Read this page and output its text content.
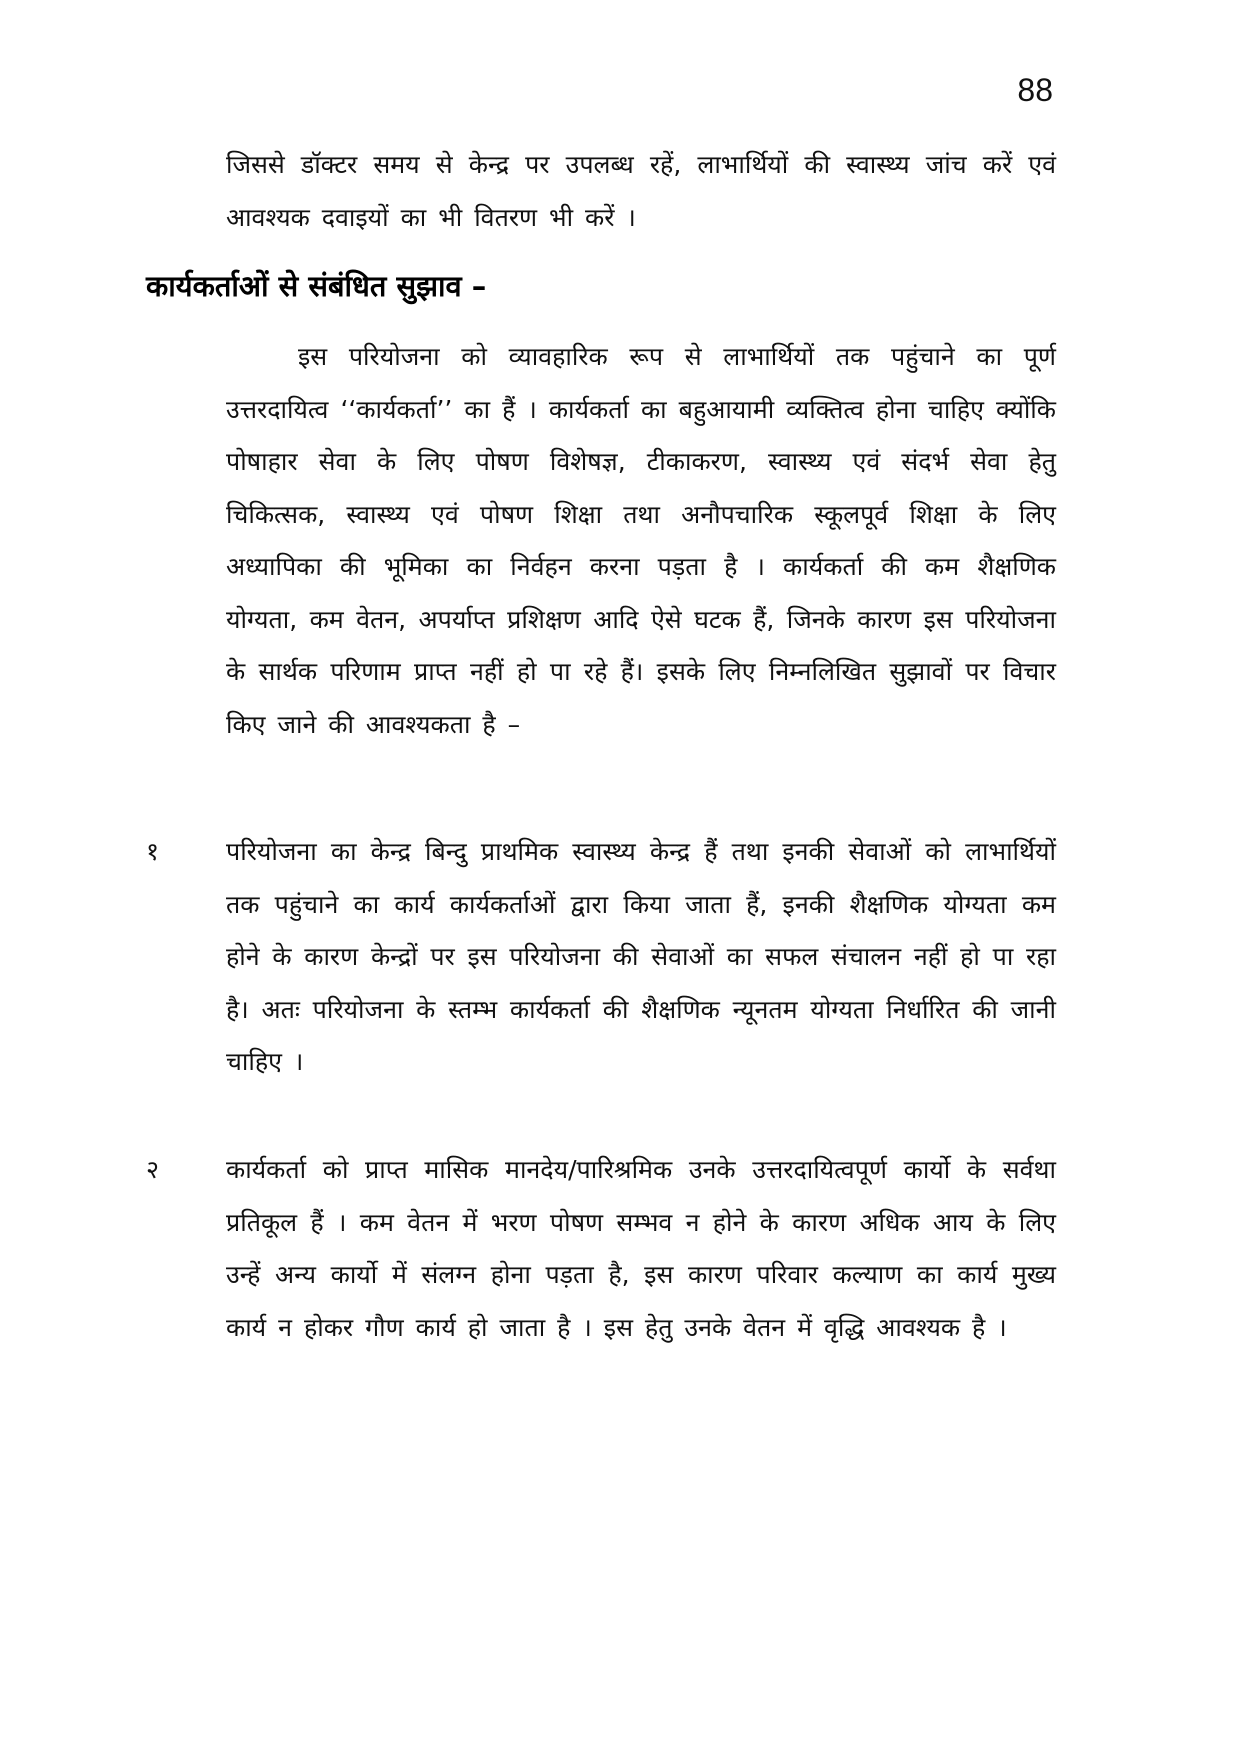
88

जिससे डॉक्टर समय से केन्द्र पर उपलब्ध रहें, लाभार्थियों की स्वास्थ्य जांच करें एवं आवश्यक दवाइयों का भी वितरण भी करें ।

कार्यकर्ताओं से संबंधित सुझाव –

इस परियोजना को व्यावहारिक रूप से लाभार्थियों तक पहुंचाने का पूर्ण उत्तरदायित्व ‘‘कार्यकर्ता’’ का हैं । कार्यकर्ता का बहुआयामी व्यक्तित्व होना चाहिए क्योंकि पोषाहार सेवा के लिए पोषण विशेषज्ञ, टीकाकरण, स्वास्थ्य एवं संदर्भ सेवा हेतु चिकित्सक, स्वास्थ्य एवं पोषण शिक्षा तथा अनौपचारिक स्कूलपूर्व शिक्षा के लिए अध्यापिका की भूमिका का निर्वहन करना पड़ता है । कार्यकर्ता की कम शैक्षणिक योग्यता, कम वेतन, अपर्याप्त प्रशिक्षण आदि ऐसे घटक हैं, जिनके कारण इस परियोजना के सार्थक परिणाम प्राप्त नहीं हो पा रहे हैं। इसके लिए निम्नलिखित सुझावों पर विचार किए जाने की आवश्यकता है –

१	परियोजना का केन्द्र बिन्दु प्राथमिक स्वास्थ्य केन्द्र हैं तथा इनकी सेवाओं को लाभार्थियों तक पहुंचाने का कार्य कार्यकर्ताओं द्वारा किया जाता हैं, इनकी शैक्षणिक योग्यता कम होने के कारण केन्द्रों पर इस परियोजना की सेवाओं का सफल संचालन नहीं हो पा रहा है। अतः परियोजना के स्तम्भ कार्यकर्ता की शैक्षणिक न्यूनतम योग्यता निर्धारित की जानी चाहिए ।

२	कार्यकर्ता को प्राप्त मासिक मानदेय/पारिश्रमिक उनके उत्तरदायित्वपूर्ण कार्यो के सर्वथा प्रतिकूल हैं । कम वेतन में भरण पोषण सम्भव न होने के कारण अधिक आय के लिए उन्हें अन्य कार्यो में संलग्न होना पड़ता है, इस कारण परिवार कल्याण का कार्य मुख्य कार्य न होकर गौण कार्य हो जाता है । इस हेतु उनके वेतन में वृद्धि आवश्यक है ।
